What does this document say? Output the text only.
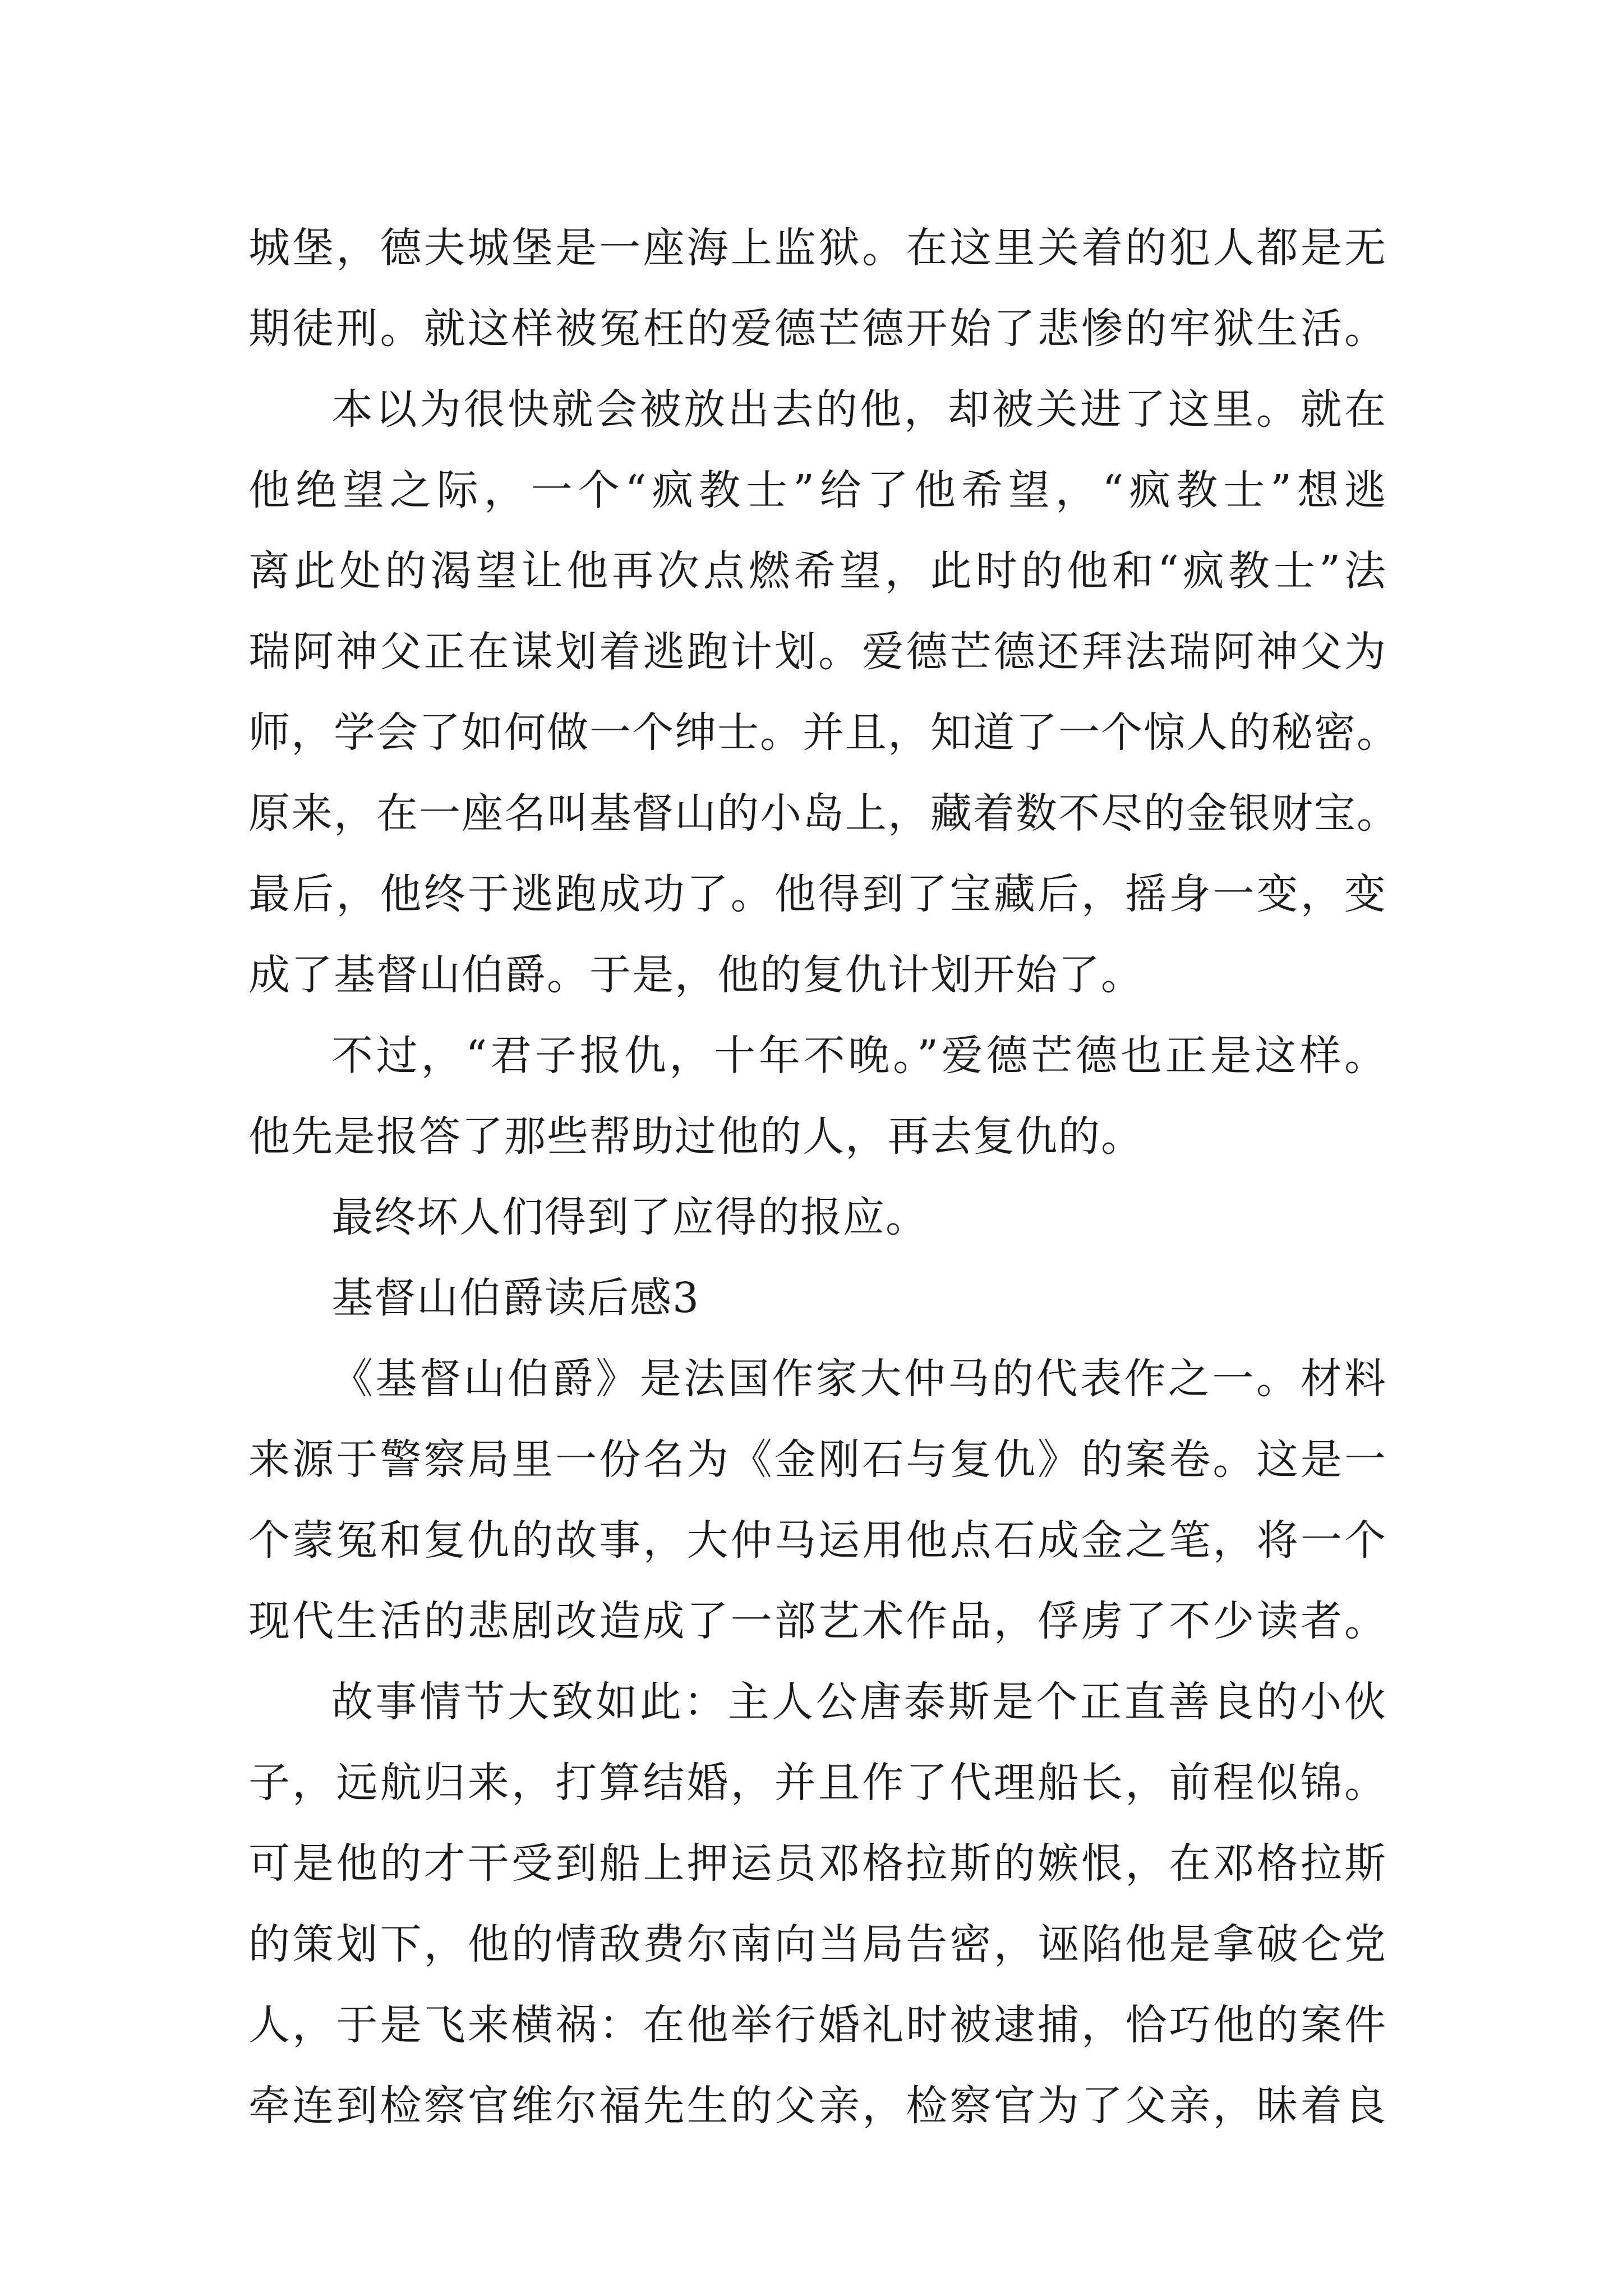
城堡，德夫城堡是一座海上监狱。在这里关着的犯人都是无
期徒刑。就这样被冤枉的爱德芒德开始了悲惨的牢狱生活。
本以为很快就会被放出去的他，却被关进了这里。就在
他绝望之际，一个“疯教士”给了他希望，“疯教士”想逃
离此处的渴望让他再次点燃希望，此时的他和“疯教士”法
瑞阿神父正在谋划着逃跑计划。爱德芒德还拜法瑞阿神父为
师，学会了如何做一个绅士。并且，知道了一个惊人的秘密。
原来，在一座名叫基督山的小岛上，藏着数不尽的金银财宝。
最后，他终于逃跑成功了。他得到了宝藏后，摇身一变，变
成了基督山伯爵。于是，他的复仇计划开始了。
不过，“君子报仇，十年不晚。”爱德芒德也正是这样。
他先是报答了那些帮助过他的人，再去复仇的。
最终坏人们得到了应得的报应。
基督山伯爵读后感3
《基督山伯爵》是法国作家大仲马的代表作之一。材料
来源于警察局里一份名为《金刚石与复仇》的案卷。这是一
个蒙冤和复仇的故事，大仲马运用他点石成金之笔，将一个
现代生活的悲剧改造成了一部艺术作品，俘虏了不少读者。
故事情节大致如此：主人公唐泰斯是个正直善良的小伙
子，远航归来，打算结婚，并且作了代理船长，前程似锦。
可是他的才干受到船上押运员邓格拉斯的嫉恨，在邓格拉斯
的策划下，他的情敌费尔南向当局告密，诬陷他是拿破仑党
人，于是飞来横祸：在他举行婚礼时被逮捕，恰巧他的案件
牵连到检察官维尔福先生的父亲，检察官为了父亲，昧着良
